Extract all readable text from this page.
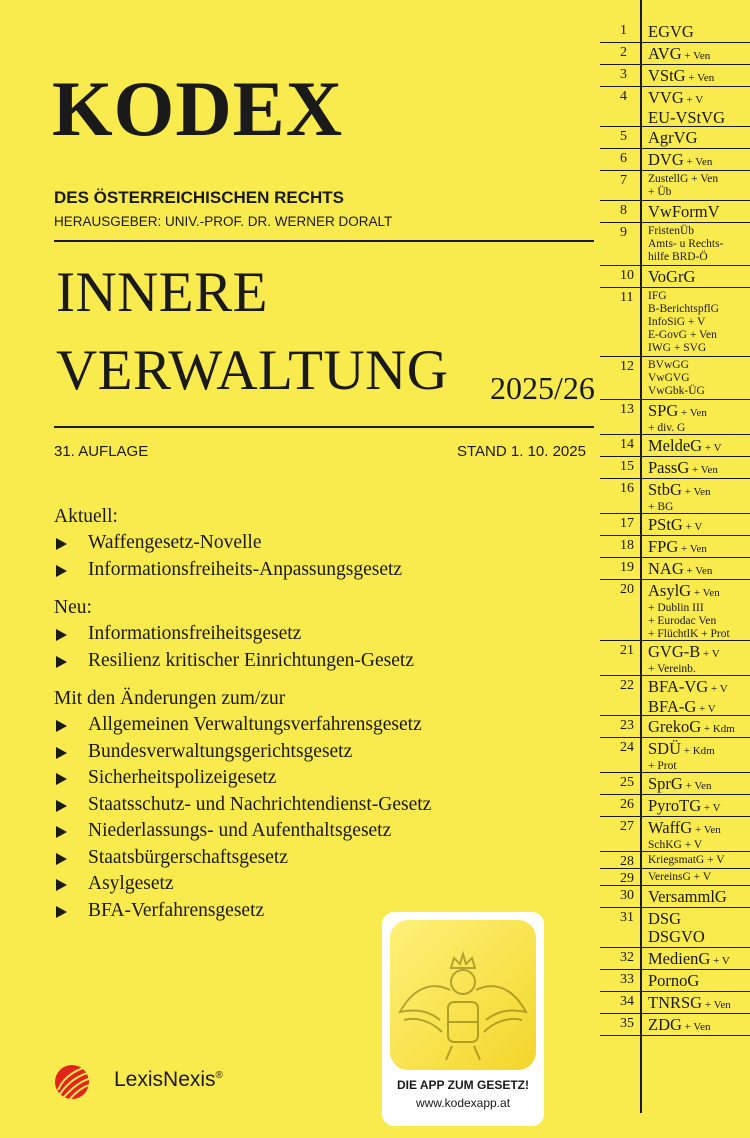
KODEX
DES ÖSTERREICHISCHEN RECHTS
HERAUSGEBER: UNIV.-PROF. DR. WERNER DORALT
INNERE
VERWALTUNG 2025/26
31. AUFLAGE	STAND 1. 10. 2025
Aktuell:
Waffengesetz-Novelle
Informationsfreiheits-Anpassungsgesetz
Neu:
Informationsfreiheitsgesetz
Resilienz kritischer Einrichtungen-Gesetz
Mit den Änderungen zum/zur
Allgemeinen Verwaltungsverfahrensgesetz
Bundesverwaltungsgerichtsgesetz
Sicherheitspolizeigesetz
Staatsschutz- und Nachrichtendienst-Gesetz
Niederlassungs- und Aufenthaltsgesetz
Staatsbürgerschaftsgesetz
Asylgesetz
BFA-Verfahrensgesetz
LexisNexis®
DIE APP ZUM GESETZ!
www.kodexapp.at
1 EGVG
2 AVG + Ven
3 VStG + Ven
4 VVG + V
EU-VStVG
5 AgrVG
6 DVG + Ven
7 ZustellG + Ven
+ Üb
8 VwFormV
9 FristenÜb
Amts- u Rechts-
hilfe BRD-Ö
10 VoGrG
11 IFG
B-BerichtspflG
InfoSiG + V
E-GovG + Ven
IWG + SVG
12 BVwGG
VwGVG
VwGbk-ÜG
13 SPG + Ven
+ div. G
14 MeldeG + V
15 PassG + Ven
16 StbG + Ven
+ BG
17 PStG + V
18 FPG + Ven
19 NAG + Ven
20 AsylG + Ven
+ Dublin III
+ Eurodac Ven
+ FlüchtlK + Prot
21 GVG-B + V
+ Vereinb.
22 BFA-VG + V
BFA-G + V
23 GrekoG + Kdm
24 SDÜ + Kdm
+ Prot
25 SprG + Ven
26 PyroTG + V
27 WaffG + Ven
SchKG + V
28 KriegsmatG + V
29 VereinsG + V
30 VersammlG
31 DSG
DSGVO
32 MedienG + V
33 PornoG
34 TNRSG + Ven
35 ZDG + Ven
